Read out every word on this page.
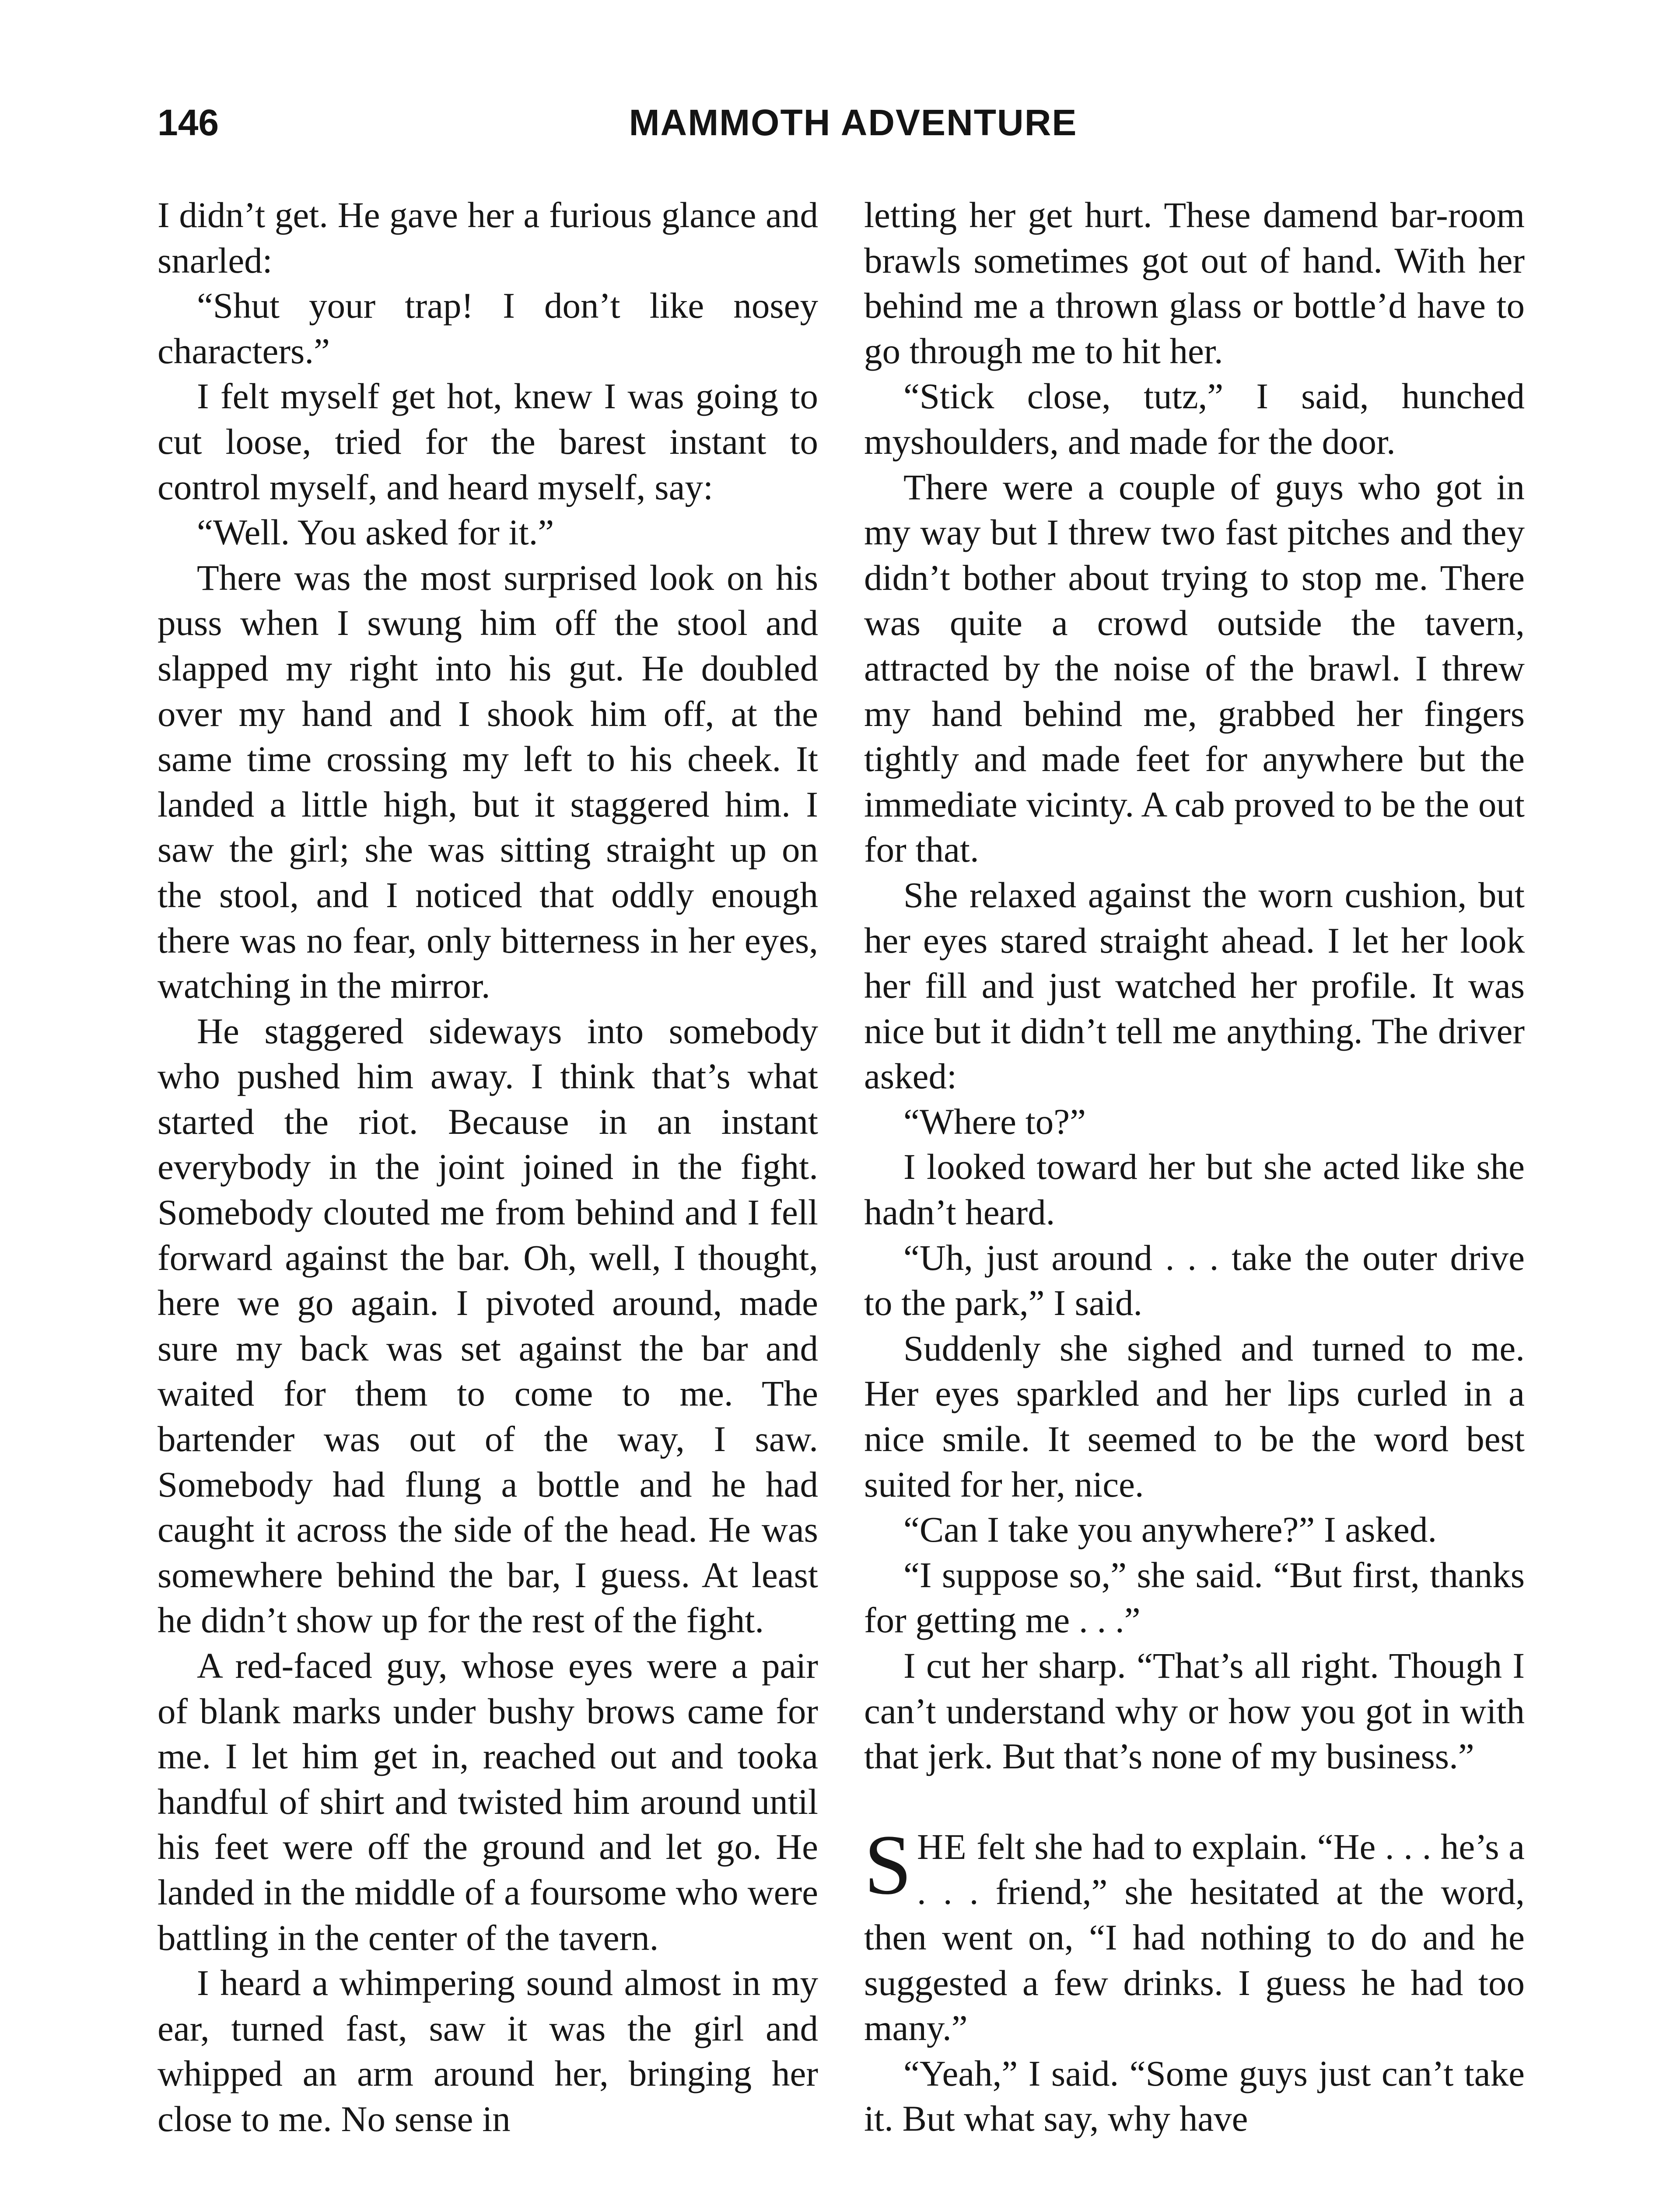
146	MAMMOTH ADVENTURE

I didn’t get. He gave her a furious glance and snarled:

“Shut your trap! I don’t like nosey characters.”

I felt myself get hot, knew I was going to cut loose, tried for the barest instant to control myself, and heard myself, say:

“Well. You asked for it.”

There was the most surprised look on his puss when I swung him off the stool and slapped my right into his gut. He doubled over my hand and I shook him off, at the same time crossing my left to his cheek. It landed a little high, but it staggered him. I saw the girl; she was sitting straight up on the stool, and I noticed that oddly enough there was no fear, only bitterness in her eyes, watching in the mirror.

He staggered sideways into somebody who pushed him away. I think that’s what started the riot. Because in an instant everybody in the joint joined in the fight. Somebody clouted me from behind and I fell forward against the bar. Oh, well, I thought, here we go again. I pivoted around, made sure my back was set against the bar and waited for them to come to me. The bartender was out of the way, I saw. Somebody had flung a bottle and he had caught it across the side of the head. He was somewhere behind the bar, I guess. At least he didn’t show up for the rest of the fight.

A red-faced guy, whose eyes were a pair of blank marks under bushy brows came for me. I let him get in, reached out and tooka handful of shirt and twisted him around until his feet were off the ground and let go. He landed in the middle of a foursome who were battling in the center of the tavern.

I heard a whimpering sound almost in my ear, turned fast, saw it was the girl and whipped an arm around her, bringing her close to me. No sense in

letting her get hurt. These damend bar-room brawls sometimes got out of hand. With her behind me a thrown glass or bottle’d have to go through me to hit her.

“Stick close, tutz,” I said, hunched myshoulders, and made for the door.

There were a couple of guys who got in my way but I threw two fast pitches and they didn’t bother about trying to stop me. There was quite a crowd outside the tavern, attracted by the noise of the brawl. I threw my hand behind me, grabbed her fingers tightly and made feet for anywhere but the immediate vicinty. A cab proved to be the out for that.

She relaxed against the worn cushion, but her eyes stared straight ahead. I let her look her fill and just watched her profile. It was nice but it didn’t tell me anything. The driver asked:

“Where to?”

I looked toward her but she acted like she hadn’t heard.

“Uh, just around . . . take the outer drive to the park,” I said.

Suddenly she sighed and turned to me. Her eyes sparkled and her lips curled in a nice smile. It seemed to be the word best suited for her, nice.

“Can I take you anywhere?” I asked.

“I suppose so,” she said. “But first, thanks for getting me . . .”

I cut her sharp. “That’s all right. Though I can’t understand why or how you got in with that jerk. But that’s none of my business.”

SHE felt she had to explain. “He . . . he’s a . . . friend,” she hesitated at the word, then went on, “I had nothing to do and he suggested a few drinks. I guess he had too many.”

“Yeah,” I said. “Some guys just can’t take it. But what say, why have
